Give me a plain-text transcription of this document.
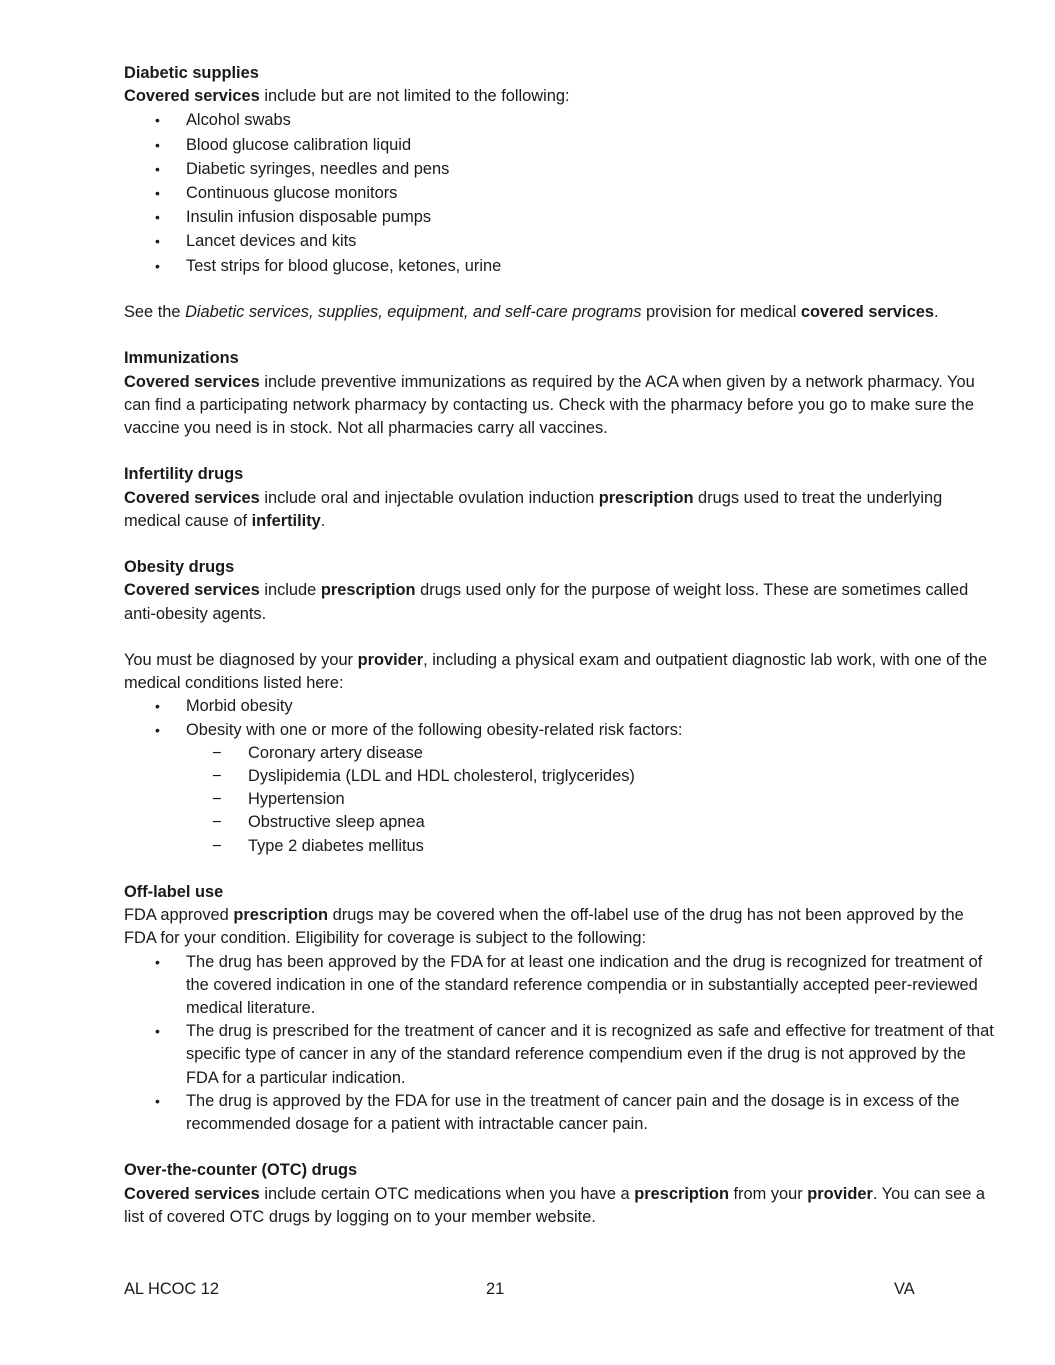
Diabetic supplies

Covered services include but are not limited to the following:

• Alcohol swabs
• Blood glucose calibration liquid
• Diabetic syringes, needles and pens
• Continuous glucose monitors
• Insulin infusion disposable pumps
• Lancet devices and kits
• Test strips for blood glucose, ketones, urine

See the Diabetic services, supplies, equipment, and self-care programs provision for medical covered services.

Immunizations

Covered services include preventive immunizations as required by the ACA when given by a network pharmacy. You can find a participating network pharmacy by contacting us. Check with the pharmacy before you go to make sure the vaccine you need is in stock. Not all pharmacies carry all vaccines.

Infertility drugs

Covered services include oral and injectable ovulation induction prescription drugs used to treat the underlying medical cause of infertility.

Obesity drugs

Covered services include prescription drugs used only for the purpose of weight loss. These are sometimes called anti-obesity agents.

You must be diagnosed by your provider, including a physical exam and outpatient diagnostic lab work, with one of the medical conditions listed here:

• Morbid obesity
• Obesity with one or more of the following obesity-related risk factors:
− Coronary artery disease
− Dyslipidemia (LDL and HDL cholesterol, triglycerides)
− Hypertension
− Obstructive sleep apnea
− Type 2 diabetes mellitus
Off-label use

FDA approved prescription drugs may be covered when the off-label use of the drug has not been approved by the FDA for your condition. Eligibility for coverage is subject to the following:

• The drug has been approved by the FDA for at least one indication and the drug is recognized for treatment of the covered indication in one of the standard reference compendia or in substantially accepted peer-reviewed medical literature.
• The drug is prescribed for the treatment of cancer and it is recognized as safe and effective for treatment of that specific type of cancer in any of the standard reference compendium even if the drug is not approved by the FDA for a particular indication.
• The drug is approved by the FDA for use in the treatment of cancer pain and the dosage is in excess of the recommended dosage for a patient with intractable cancer pain.
Over-the-counter (OTC) drugs

Covered services include certain OTC medications when you have a prescription from your provider. You can see a list of covered OTC drugs by logging on to your member website.

AL HCOC 12	21	VA
